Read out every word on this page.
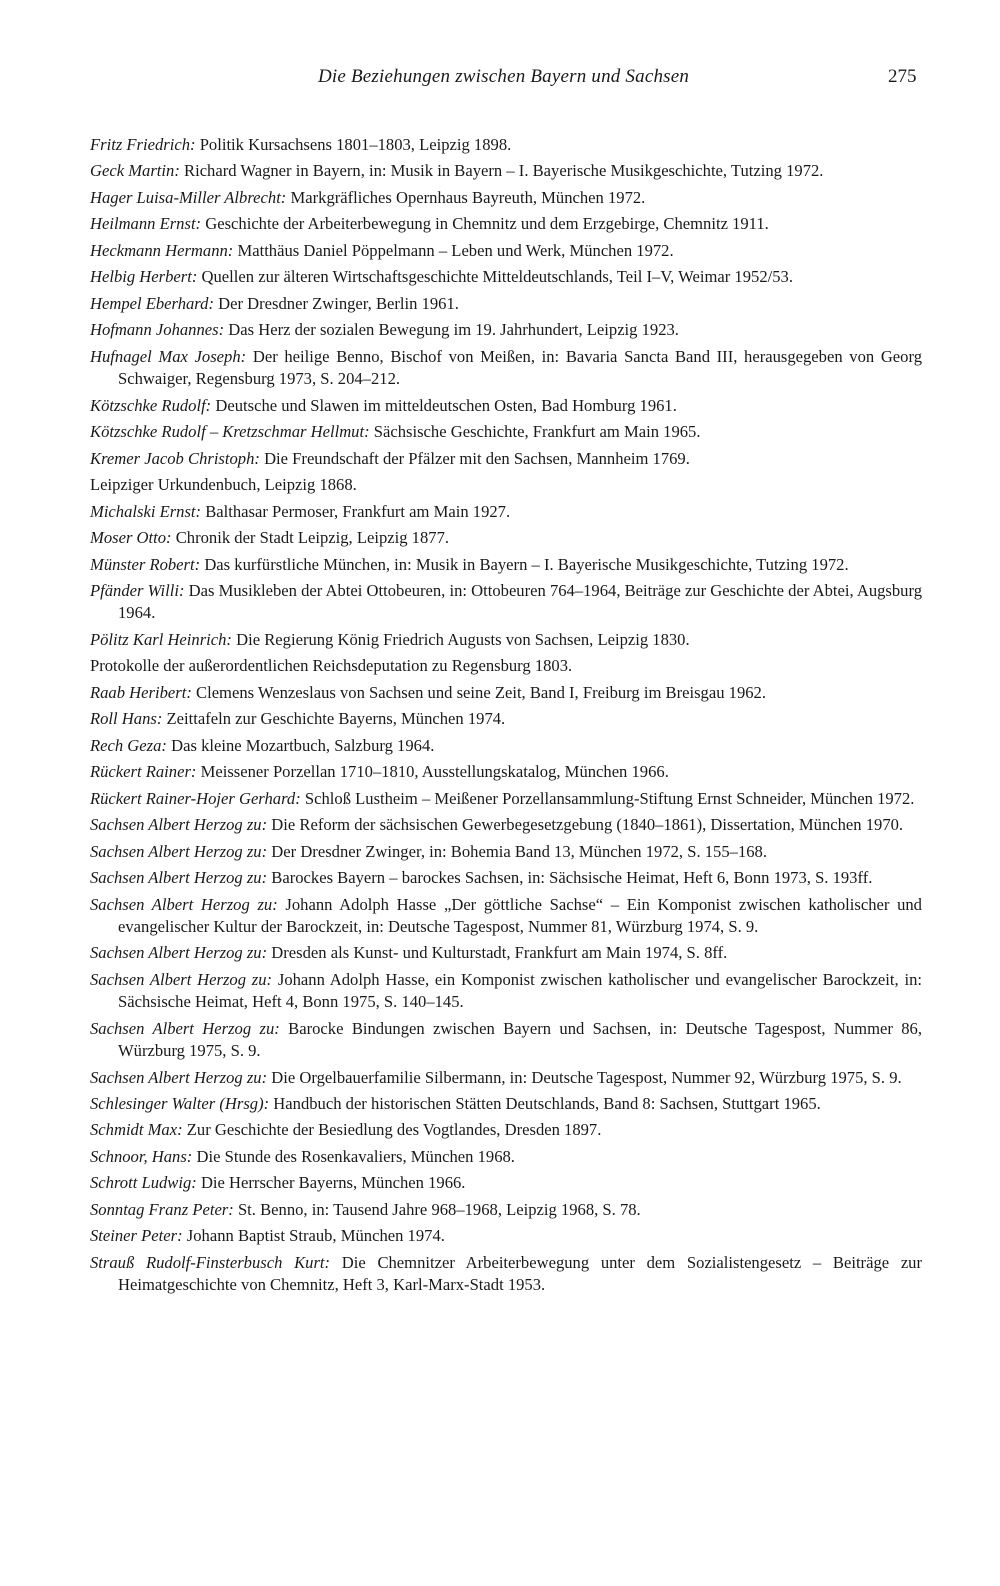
Die Beziehungen zwischen Bayern und Sachsen	275
Fritz Friedrich: Politik Kursachsens 1801–1803, Leipzig 1898.
Geck Martin: Richard Wagner in Bayern, in: Musik in Bayern – I. Bayerische Musikgeschichte, Tutzing 1972.
Hager Luisa-Miller Albrecht: Markgräfliches Opernhaus Bayreuth, München 1972.
Heilmann Ernst: Geschichte der Arbeiterbewegung in Chemnitz und dem Erzgebirge, Chemnitz 1911.
Heckmann Hermann: Matthäus Daniel Pöppelmann – Leben und Werk, München 1972.
Helbig Herbert: Quellen zur älteren Wirtschaftsgeschichte Mitteldeutschlands, Teil I–V, Weimar 1952/53.
Hempel Eberhard: Der Dresdner Zwinger, Berlin 1961.
Hofmann Johannes: Das Herz der sozialen Bewegung im 19. Jahrhundert, Leipzig 1923.
Hufnagel Max Joseph: Der heilige Benno, Bischof von Meißen, in: Bavaria Sancta Band III, herausgegeben von Georg Schwaiger, Regensburg 1973, S. 204–212.
Kötzschke Rudolf: Deutsche und Slawen im mitteldeutschen Osten, Bad Homburg 1961.
Kötzschke Rudolf – Kretzschmar Hellmut: Sächsische Geschichte, Frankfurt am Main 1965.
Kremer Jacob Christoph: Die Freundschaft der Pfälzer mit den Sachsen, Mannheim 1769.
Leipziger Urkundenbuch, Leipzig 1868.
Michalski Ernst: Balthasar Permoser, Frankfurt am Main 1927.
Moser Otto: Chronik der Stadt Leipzig, Leipzig 1877.
Münster Robert: Das kurfürstliche München, in: Musik in Bayern – I. Bayerische Musikgeschichte, Tutzing 1972.
Pfänder Willi: Das Musikleben der Abtei Ottobeuren, in: Ottobeuren 764–1964, Beiträge zur Geschichte der Abtei, Augsburg 1964.
Pölitz Karl Heinrich: Die Regierung König Friedrich Augusts von Sachsen, Leipzig 1830.
Protokolle der außerordentlichen Reichsdeputation zu Regensburg 1803.
Raab Heribert: Clemens Wenzeslaus von Sachsen und seine Zeit, Band I, Freiburg im Breisgau 1962.
Roll Hans: Zeittafeln zur Geschichte Bayerns, München 1974.
Rech Geza: Das kleine Mozartbuch, Salzburg 1964.
Rückert Rainer: Meissener Porzellan 1710–1810, Ausstellungskatalog, München 1966.
Rückert Rainer-Hojer Gerhard: Schloß Lustheim – Meißener Porzellansammlung-Stiftung Ernst Schneider, München 1972.
Sachsen Albert Herzog zu: Die Reform der sächsischen Gewerbegesetzgebung (1840–1861), Dissertation, München 1970.
Sachsen Albert Herzog zu: Der Dresdner Zwinger, in: Bohemia Band 13, München 1972, S. 155–168.
Sachsen Albert Herzog zu: Barockes Bayern – barockes Sachsen, in: Sächsische Heimat, Heft 6, Bonn 1973, S. 193ff.
Sachsen Albert Herzog zu: Johann Adolph Hasse „Der göttliche Sachse“ – Ein Komponist zwischen katholischer und evangelischer Kultur der Barockzeit, in: Deutsche Tagespost, Nummer 81, Würzburg 1974, S. 9.
Sachsen Albert Herzog zu: Dresden als Kunst- und Kulturstadt, Frankfurt am Main 1974, S. 8ff.
Sachsen Albert Herzog zu: Johann Adolph Hasse, ein Komponist zwischen katholischer und evangelischer Barockzeit, in: Sächsische Heimat, Heft 4, Bonn 1975, S. 140–145.
Sachsen Albert Herzog zu: Barocke Bindungen zwischen Bayern und Sachsen, in: Deutsche Tagespost, Nummer 86, Würzburg 1975, S. 9.
Sachsen Albert Herzog zu: Die Orgelbauerfamilie Silbermann, in: Deutsche Tagespost, Nummer 92, Würzburg 1975, S. 9.
Schlesinger Walter (Hrsg): Handbuch der historischen Stätten Deutschlands, Band 8: Sachsen, Stuttgart 1965.
Schmidt Max: Zur Geschichte der Besiedlung des Vogtlandes, Dresden 1897.
Schnoor, Hans: Die Stunde des Rosenkavaliers, München 1968.
Schrott Ludwig: Die Herrscher Bayerns, München 1966.
Sonntag Franz Peter: St. Benno, in: Tausend Jahre 968–1968, Leipzig 1968, S. 78.
Steiner Peter: Johann Baptist Straub, München 1974.
Strauß Rudolf-Finsterbusch Kurt: Die Chemnitzer Arbeiterbewegung unter dem Sozialistengesetz – Beiträge zur Heimatgeschichte von Chemnitz, Heft 3, Karl-Marx-Stadt 1953.
